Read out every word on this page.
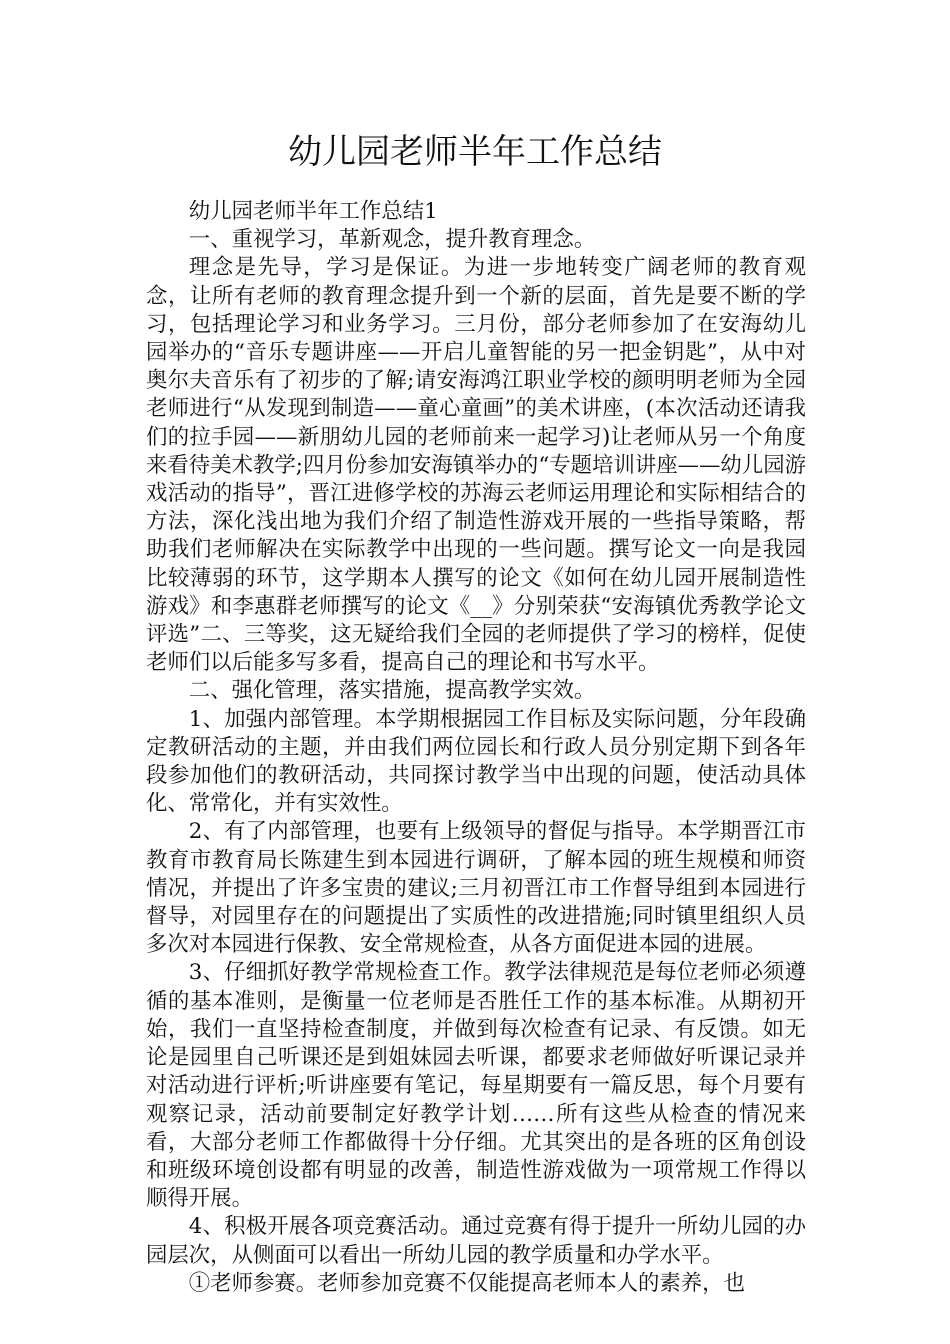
幼儿园老师半年工作总结

幼儿园老师半年工作总结1

一、重视学习，革新观念，提升教育理念。

理念是先导，学习是保证。为进一步地转变广阔老师的教育观念，让所有老师的教育理念提升到一个新的层面，首先是要不断的学习，包括理论学习和业务学习。三月份，部分老师参加了在安海幼儿园举办的“音乐专题讲座——开启儿童智能的另一把金钥匙”，从中对奥尔夫音乐有了初步的了解;请安海鸿江职业学校的颜明明老师为全园老师进行“从发现到制造——童心童画”的美术讲座，(本次活动还请我们的拉手园——新朋幼儿园的老师前来一起学习)让老师从另一个角度来看待美术教学;四月份参加安海镇举办的“专题培训讲座——幼儿园游戏活动的指导”，晋江进修学校的苏海云老师运用理论和实际相结合的方法，深化浅出地为我们介绍了制造性游戏开展的一些指导策略，帮助我们老师解决在实际教学中出现的一些问题。撰写论文一向是我园比较薄弱的环节，这学期本人撰写的论文《如何在幼儿园开展制造性游戏》和李惠群老师撰写的论文《__》分别荣获“安海镇优秀教学论文评选”二、三等奖，这无疑给我们全园的老师提供了学习的榜样，促使老师们以后能多写多看，提高自己的理论和书写水平。

二、强化管理，落实措施，提高教学实效。

1、加强内部管理。本学期根据园工作目标及实际问题，分年段确定教研活动的主题，并由我们两位园长和行政人员分别定期下到各年段参加他们的教研活动，共同探讨教学当中出现的问题，使活动具体化、常常化，并有实效性。

2、有了内部管理，也要有上级领导的督促与指导。本学期晋江市教育市教育局长陈建生到本园进行调研，了解本园的班生规模和师资情况，并提出了许多宝贵的建议;三月初晋江市工作督导组到本园进行督导，对园里存在的问题提出了实质性的改进措施;同时镇里组织人员多次对本园进行保教、安全常规检查，从各方面促进本园的进展。

3、仔细抓好教学常规检查工作。教学法律规范是每位老师必须遵循的基本准则，是衡量一位老师是否胜任工作的基本标准。从期初开始，我们一直坚持检查制度，并做到每次检查有记录、有反馈。如无论是园里自己听课还是到姐妹园去听课，都要求老师做好听课记录并对活动进行评析;听讲座要有笔记，每星期要有一篇反思，每个月要有观察记录，活动前要制定好教学计划……所有这些从检查的情况来看，大部分老师工作都做得十分仔细。尤其突出的是各班的区角创设和班级环境创设都有明显的改善，制造性游戏做为一项常规工作得以顺得开展。

4、积极开展各项竞赛活动。通过竞赛有得于提升一所幼儿园的办园层次，从侧面可以看出一所幼儿园的教学质量和办学水平。

①老师参赛。老师参加竞赛不仅能提高老师本人的素养，也
